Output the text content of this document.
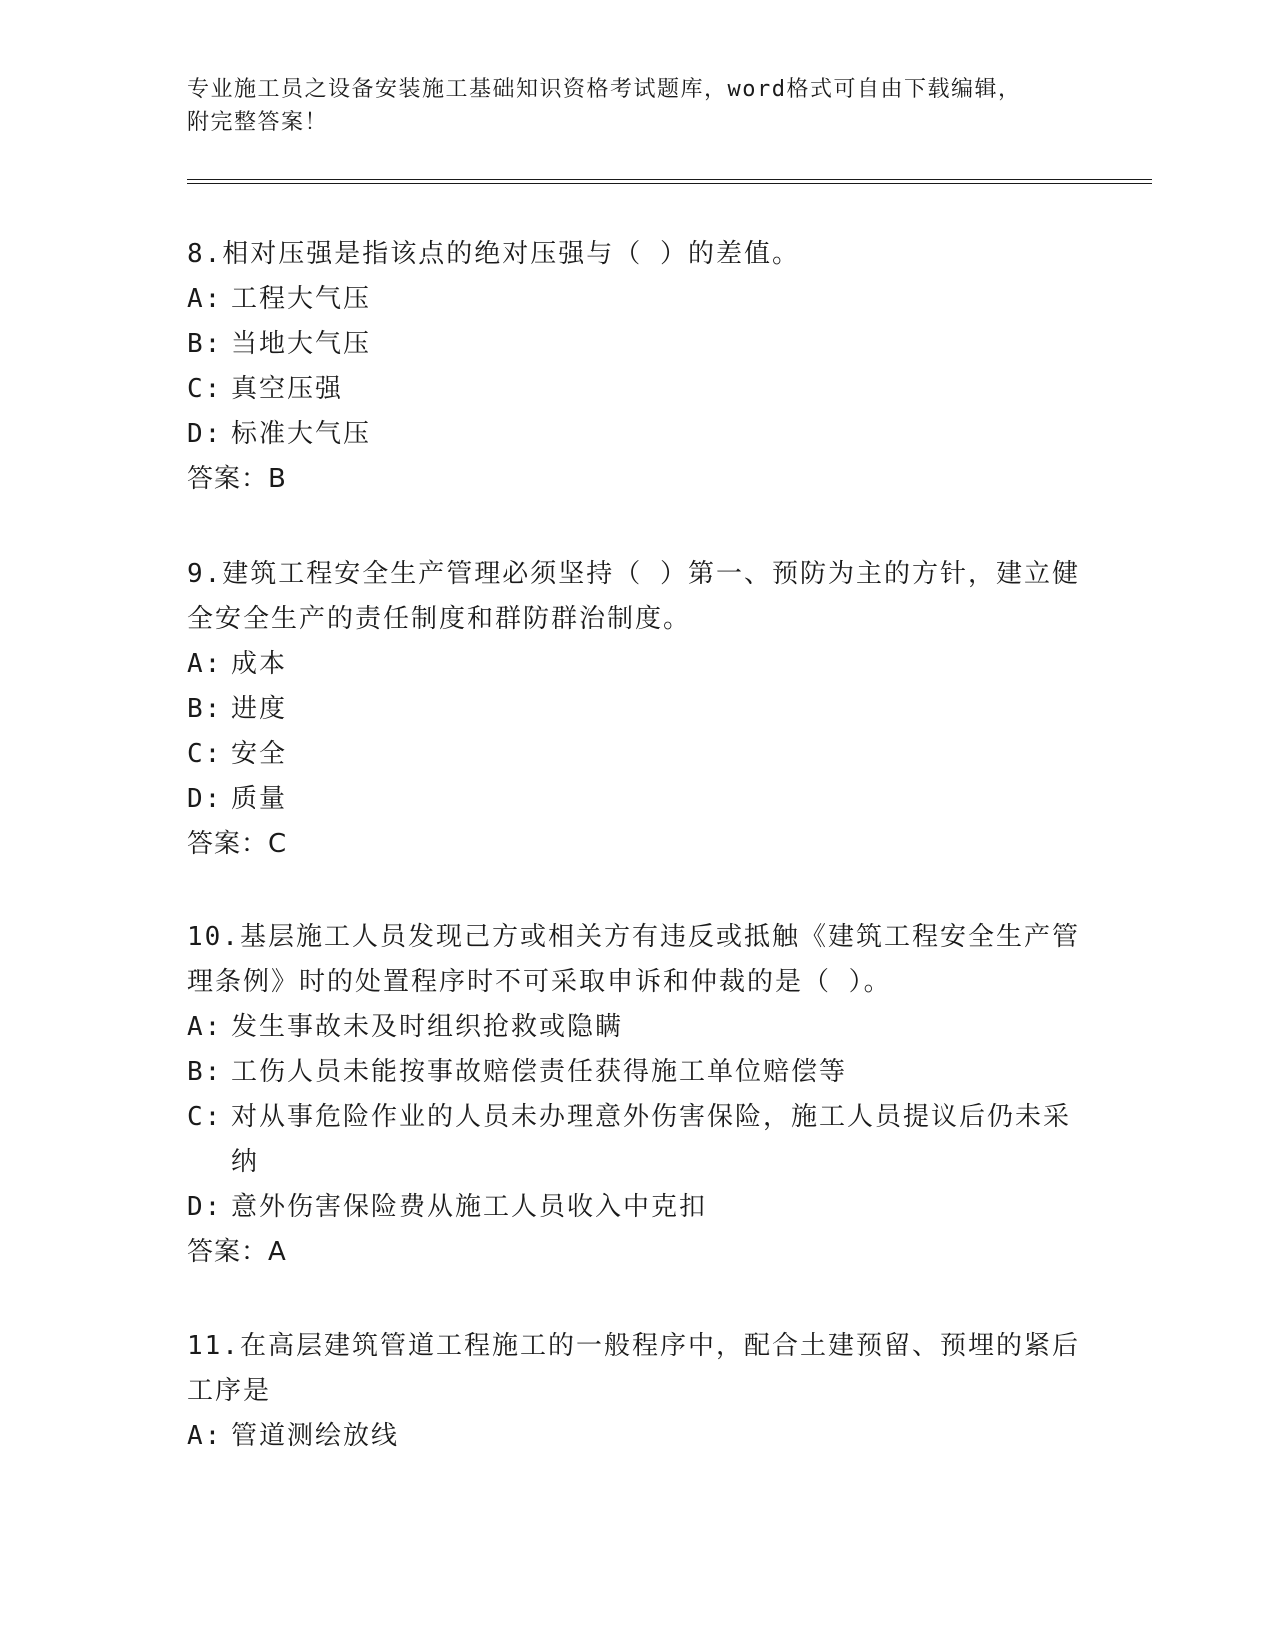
专业施工员之设备安装施工基础知识资格考试题库，word格式可自由下载编辑，
附完整答案！

8.相对压强是指该点的绝对压强与（ ）的差值。

A: 工程大气压

B: 当地大气压

C: 真空压强

D: 标准大气压

答案：B

9.建筑工程安全生产管理必须坚持（ ）第一、预防为主的方针，建立健全安全生产的责任制度和群防群治制度。

A: 成本

B: 进度

C: 安全

D: 质量

答案：C

10.基层施工人员发现己方或相关方有违反或抵触《建筑工程安全生产管理条例》时的处置程序时不可采取申诉和仲裁的是（ ）。

A: 发生事故未及时组织抢救或隐瞒

B: 工伤人员未能按事故赔偿责任获得施工单位赔偿等

C: 对从事危险作业的人员未办理意外伤害保险，施工人员提议后仍未采纳

D: 意外伤害保险费从施工人员收入中克扣

答案：A

11.在高层建筑管道工程施工的一般程序中，配合土建预留、预埋的紧后工序是

A: 管道测绘放线
